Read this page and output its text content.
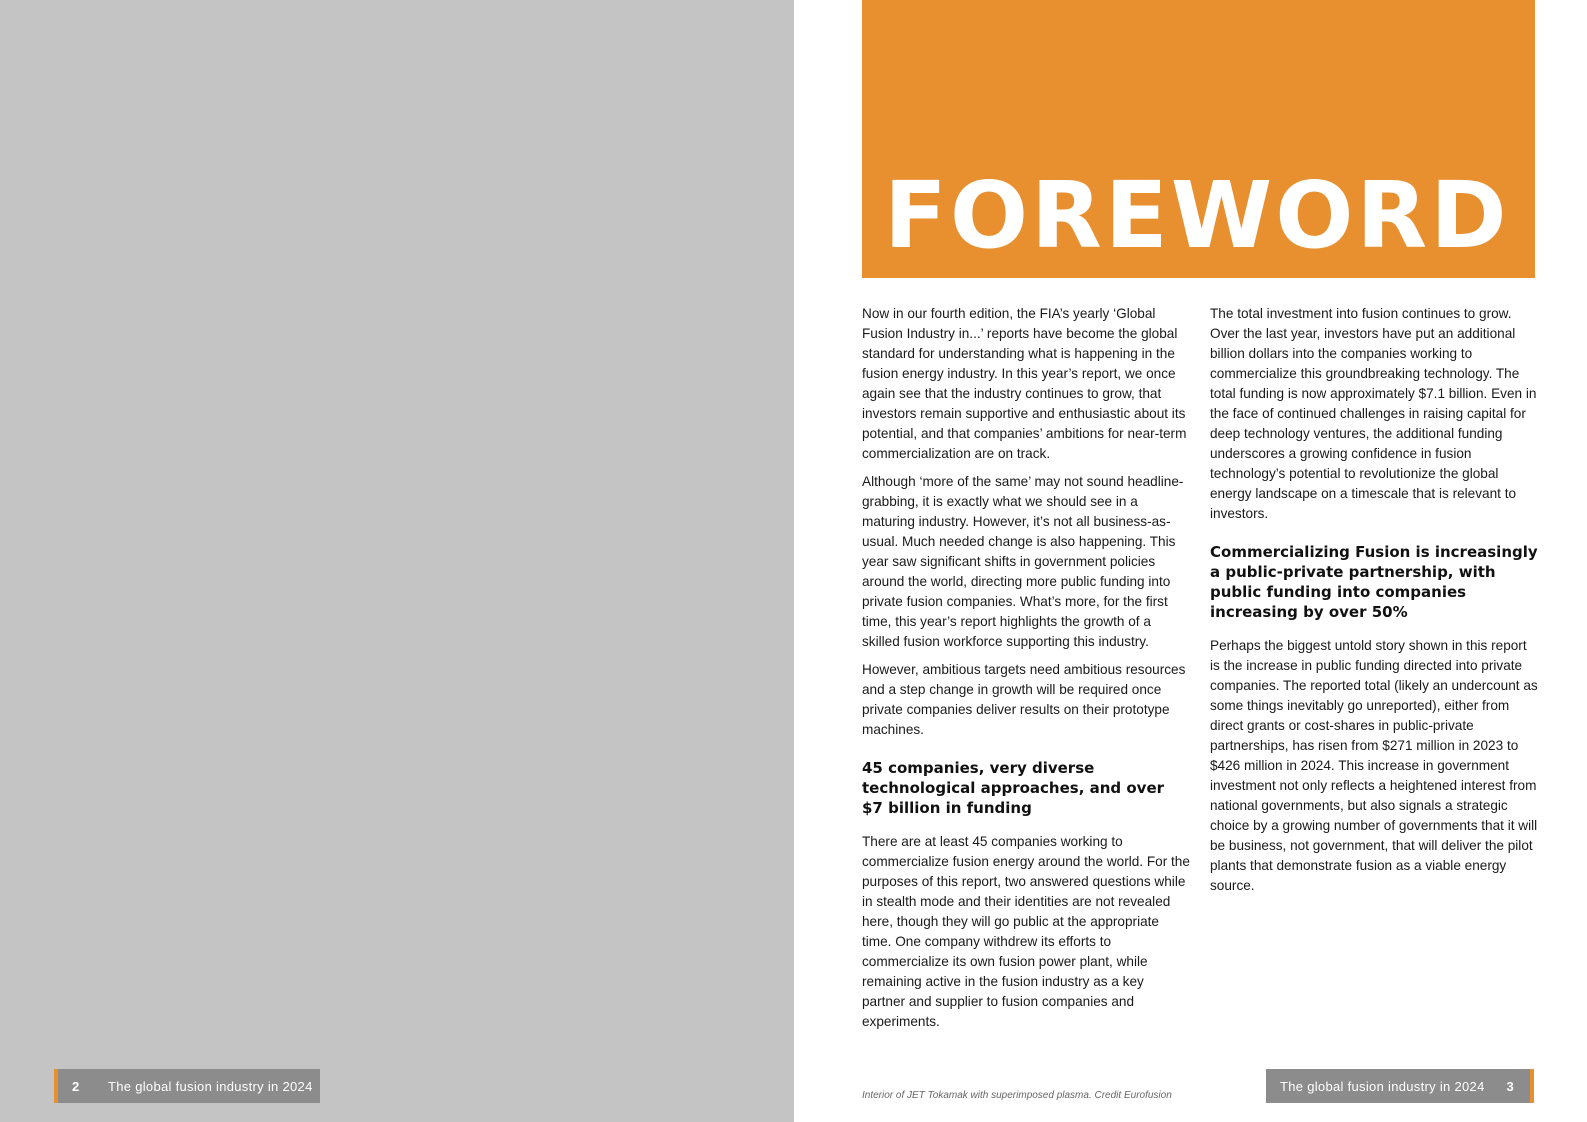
2	The global fusion industry in 2024
FOREWORD

Now in our fourth edition, the FIA’s yearly ‘Global Fusion Industry in...’ reports have become the global standard for understanding what is happening in the fusion energy industry. In this year’s report, we once again see that the industry continues to grow, that investors remain supportive and enthusiastic about its potential, and that companies’ ambitions for near-term commercialization are on track.

Although ‘more of the same’ may not sound headline-grabbing, it is exactly what we should see in a maturing industry. However, it’s not all business-as-usual. Much needed change is also happening. This year saw significant shifts in government policies around the world, directing more public funding into private fusion companies. What’s more, for the first time, this year’s report highlights the growth of a skilled fusion workforce supporting this industry.

However, ambitious targets need ambitious resources and a step change in growth will be required once private companies deliver results on their prototype machines.

45 companies, very diverse technological approaches, and over $7 billion in funding

There are at least 45 companies working to commercialize fusion energy around the world. For the purposes of this report, two answered questions while in stealth mode and their identities are not revealed here, though they will go public at the appropriate time. One company withdrew its efforts to commercialize its own fusion power plant, while remaining active in the fusion industry as a key partner and supplier to fusion companies and experiments.

The total investment into fusion continues to grow. Over the last year, investors have put an additional billion dollars into the companies working to commercialize this groundbreaking technology. The total funding is now approximately $7.1 billion. Even in the face of continued challenges in raising capital for deep technology ventures, the additional funding underscores a growing confidence in fusion technology’s potential to revolutionize the global energy landscape on a timescale that is relevant to investors.

Commercializing Fusion is increasingly a public-private partnership, with public funding into companies increasing by over 50%

Perhaps the biggest untold story shown in this report is the increase in public funding directed into private companies. The reported total (likely an undercount as some things inevitably go unreported), either from direct grants or cost-shares in public-private partnerships, has risen from $271 million in 2023 to $426 million in 2024. This increase in government investment not only reflects a heightened interest from national governments, but also signals a strategic choice by a growing number of governments that it will be business, not government, that will deliver the pilot plants that demonstrate fusion as a viable energy source.

Interior of JET Tokamak with superimposed plasma. Credit Eurofusion
The global fusion industry in 2024 3
